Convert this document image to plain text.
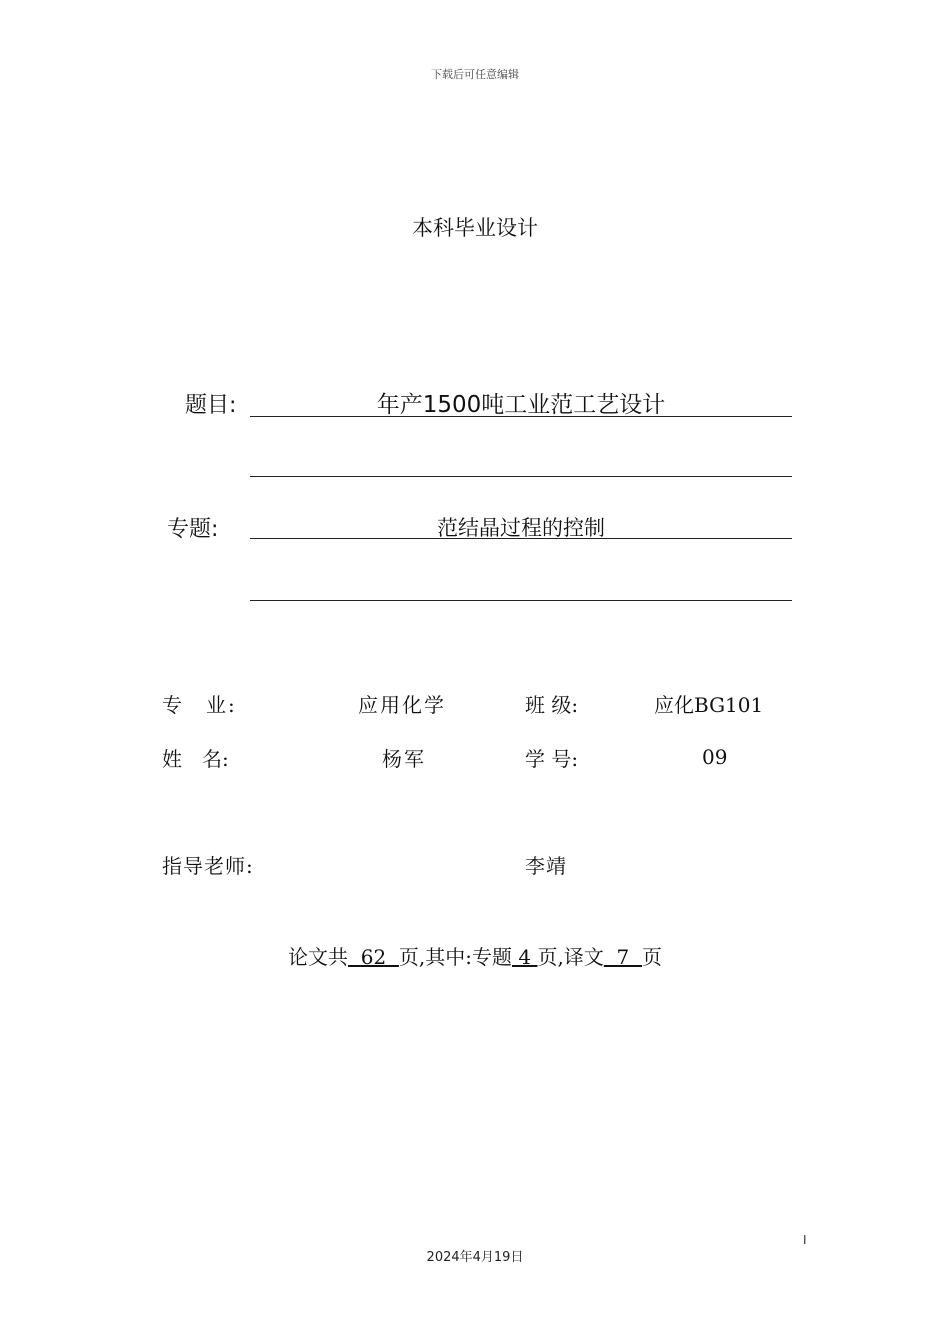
下载后可任意编辑
本科毕业设计
题目:	年产1500吨工业范工艺设计
专题:	范结晶过程的控制
专　业:	应用化学	班 级:	应化BG101
姓　名:	杨军	学 号:	09
指导老师:	李靖
论文共  62  页,其中:专题 4 页,译文  7  页
I
2024年4月19日
